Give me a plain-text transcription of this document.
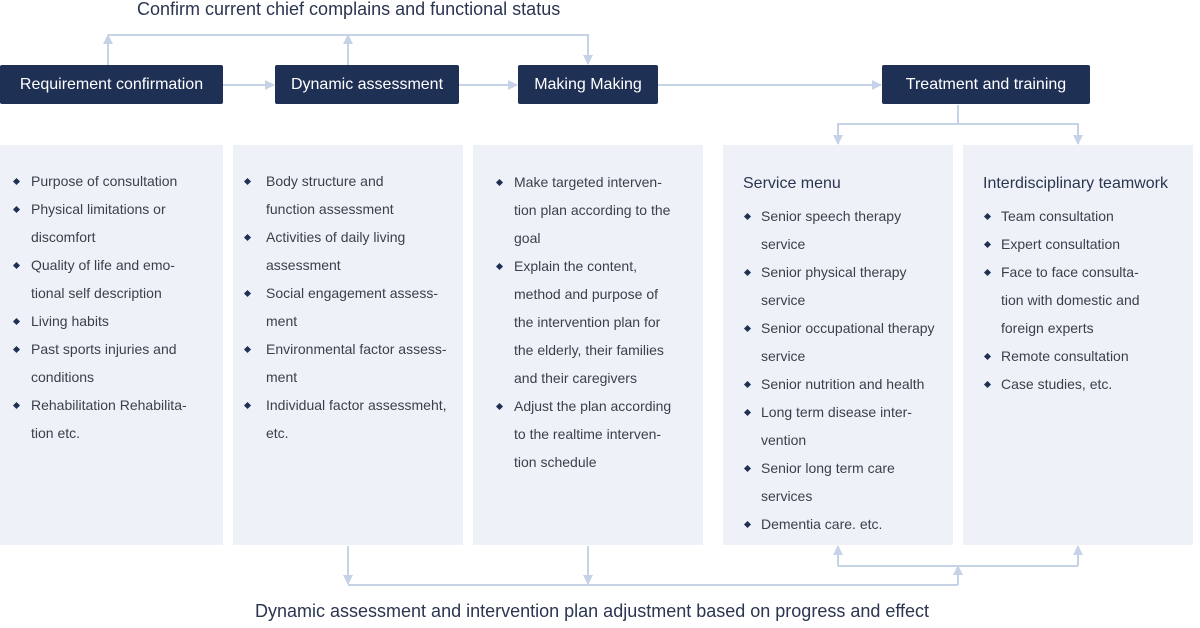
Confirm current chief complains and functional status
Requirement confirmation	Dynamic assessment	Making Making	Treatment and training
Purpose of consultation
Physical limitations or
discomfort
Quality of life and emo-
tional self description
Living habits
Past sports injuries and
conditions
Rehabilitation Rehabilita-
tion etc.
Body structure and
function assessment
Activities of daily living
assessment
Social engagement assess-
ment
Environmental factor assess-
ment
Individual factor assessmeht,
etc.
Make targeted interven-
tion plan according to the
goal
Explain the content,
method and purpose of
the intervention plan for
the elderly, their families
and their caregivers
Adjust the plan according
to the realtime interven-
tion schedule
Service menu
Senior speech therapy
service
Senior physical therapy
service
Senior occupational therapy
service
Senior nutrition and health
Long term disease inter-
vention
Senior long term care
services
Dementia care. etc.
Interdisciplinary teamwork
Team consultation
Expert consultation
Face to face consulta-
tion with domestic and
foreign experts
Remote consultation
Case studies, etc.
Dynamic assessment and intervention plan adjustment based on progress and effect
